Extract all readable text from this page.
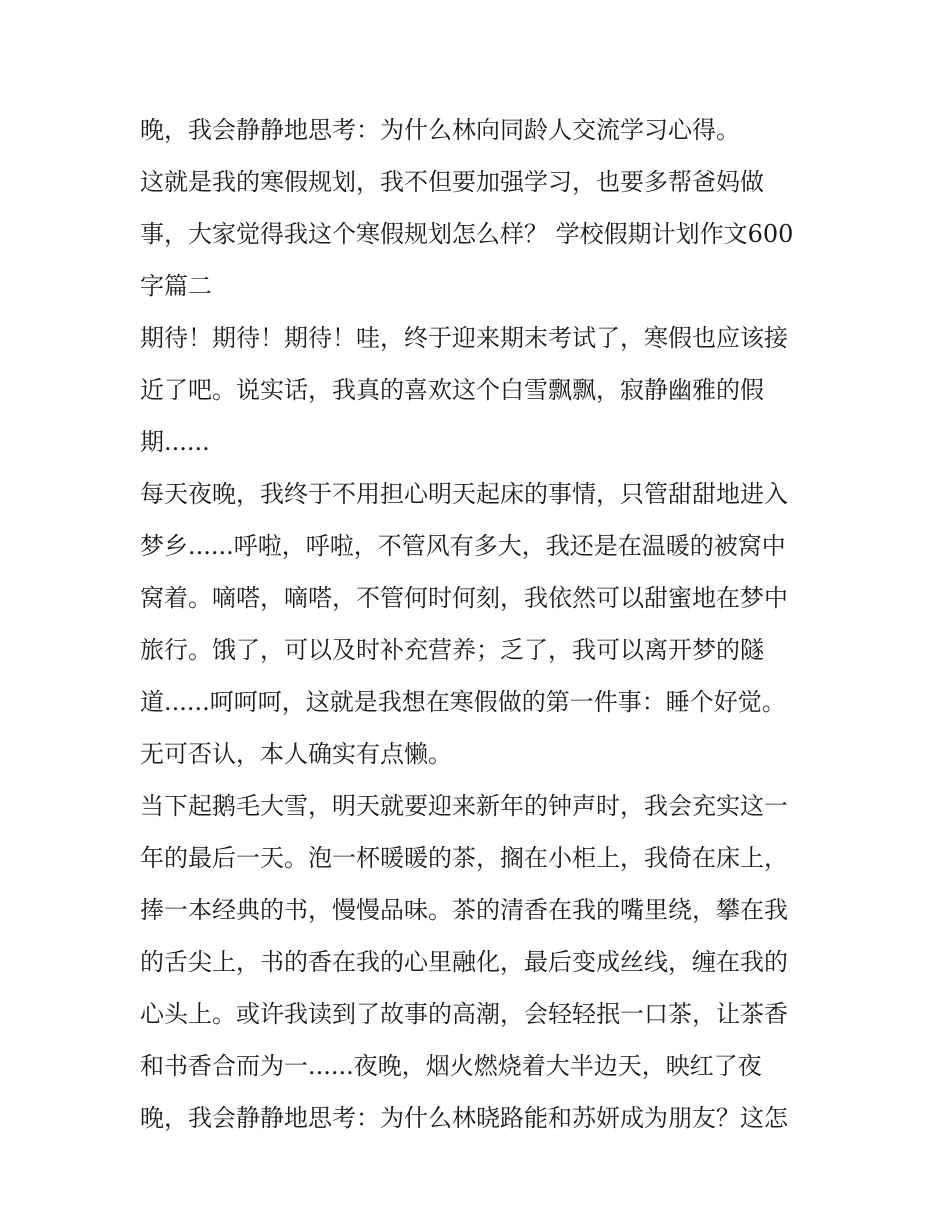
晚，我会静静地思考：为什么林向同龄人交流学习心得。
这就是我的寒假规划，我不但要加强学习，也要多帮爸妈做
事，大家觉得我这个寒假规划怎么样？ 学校假期计划作文600
字篇二
期待！期待！期待！哇，终于迎来期末考试了，寒假也应该接
近了吧。说实话，我真的喜欢这个白雪飘飘，寂静幽雅的假
期......
每天夜晚，我终于不用担心明天起床的事情，只管甜甜地进入
梦乡......呼啦，呼啦，不管风有多大，我还是在温暖的被窝中
窝着。嘀嗒，嘀嗒，不管何时何刻，我依然可以甜蜜地在梦中
旅行。饿了，可以及时补充营养；乏了，我可以离开梦的隧
道......呵呵呵，这就是我想在寒假做的第一件事：睡个好觉。
无可否认，本人确实有点懒。
当下起鹅毛大雪，明天就要迎来新年的钟声时，我会充实这一
年的最后一天。泡一杯暖暖的茶，搁在小柜上，我倚在床上，
捧一本经典的书，慢慢品味。茶的清香在我的嘴里绕，攀在我
的舌尖上，书的香在我的心里融化，最后变成丝线，缠在我的
心头上。或许我读到了故事的高潮，会轻轻抿一口茶，让茶香
和书香合而为一......夜晚，烟火燃烧着大半边天，映红了夜
晚，我会静静地思考：为什么林晓路能和苏妍成为朋友？这怎
